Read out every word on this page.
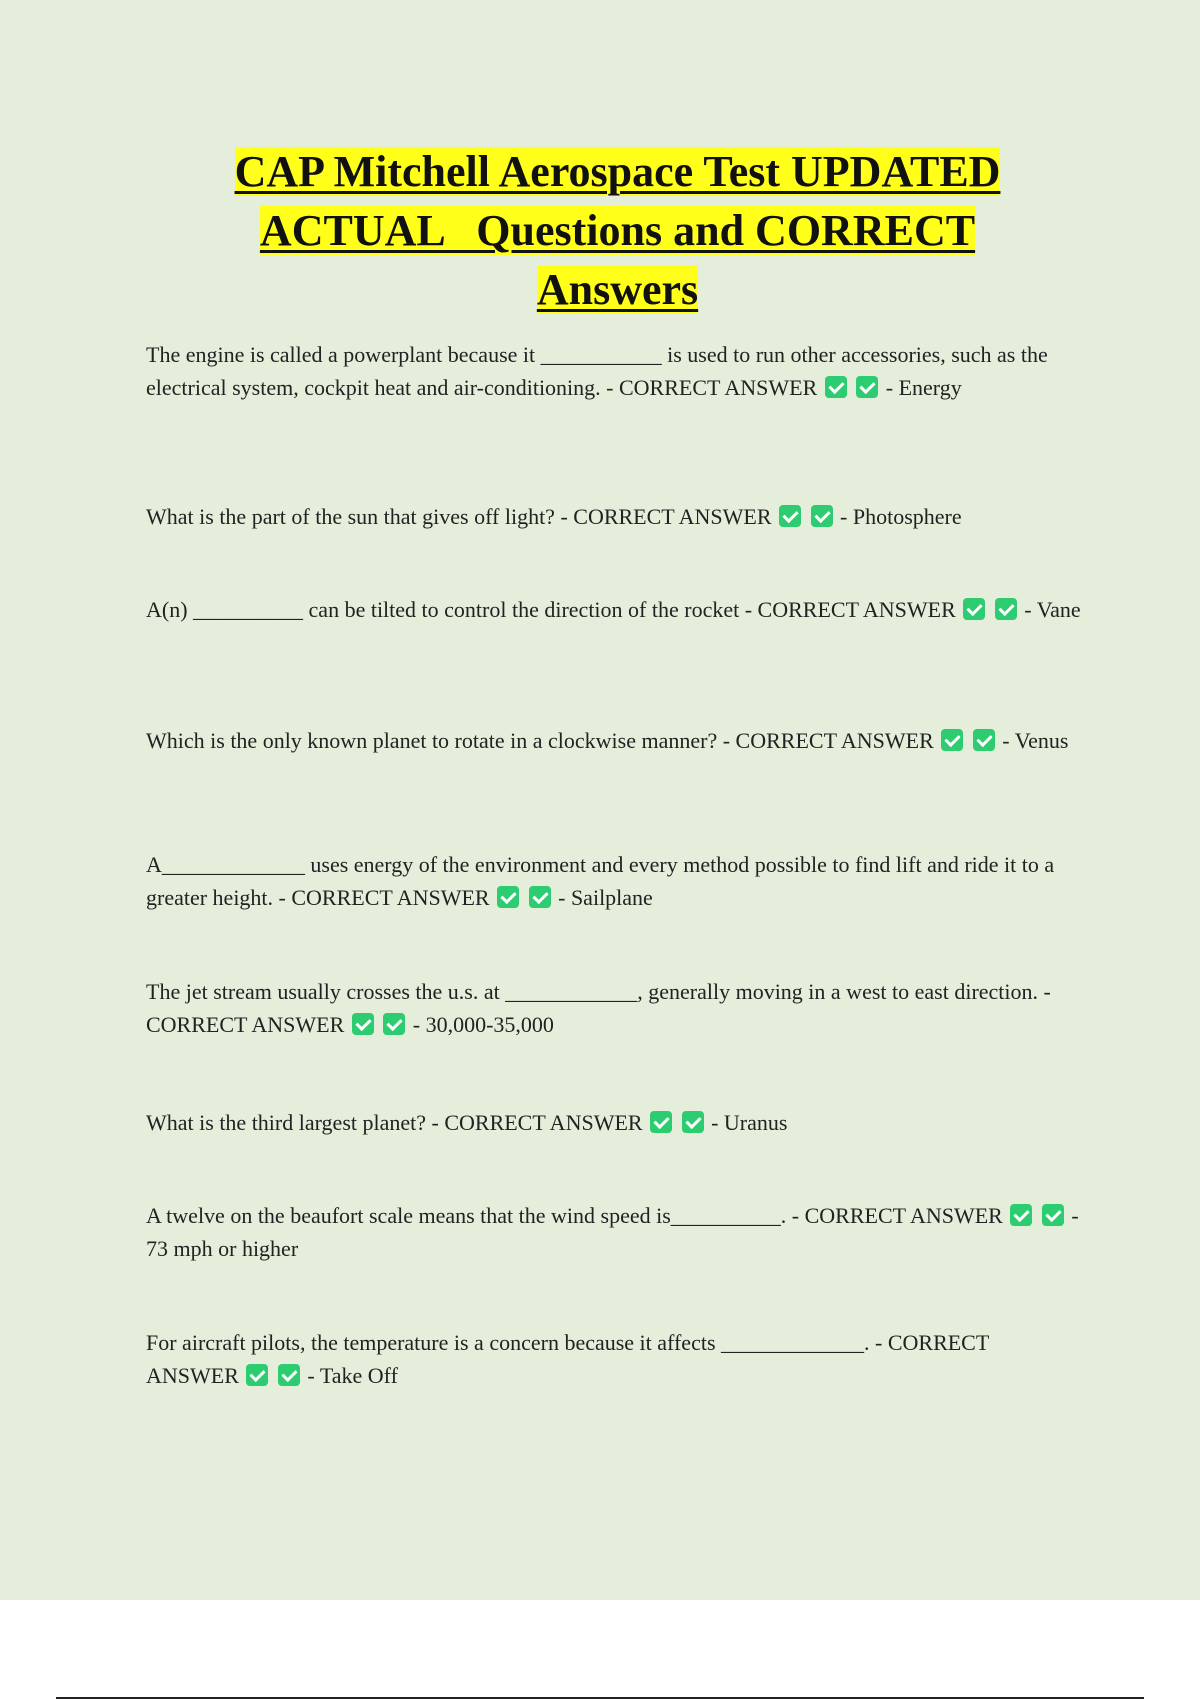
CAP Mitchell Aerospace Test UPDATED
ACTUAL   Questions and CORRECT
Answers

The engine is called a powerplant because it ___________ is used to run other accessories, such as the electrical system, cockpit heat and air-conditioning. - CORRECT ANSWER	- Energy

What is the part of the sun that gives off light? - CORRECT ANSWER	- Photosphere

A(n) __________ can be tilted to control the direction of the rocket - CORRECT ANSWER	- Vane

Which is the only known planet to rotate in a clockwise manner? - CORRECT ANSWER	- Venus

A_____________ uses energy of the environment and every method possible to find lift and ride it to a greater height. - CORRECT ANSWER	- Sailplane

The jet stream usually crosses the u.s. at ____________, generally moving in a west to east direction. - CORRECT ANSWER	- 30,000-35,000

What is the third largest planet? - CORRECT ANSWER	- Uranus

A twelve on the beaufort scale means that the wind speed is__________. - CORRECT ANSWER	- 73 mph or higher

For aircraft pilots, the temperature is a concern because it affects _____________. - CORRECT ANSWER	- Take Off
